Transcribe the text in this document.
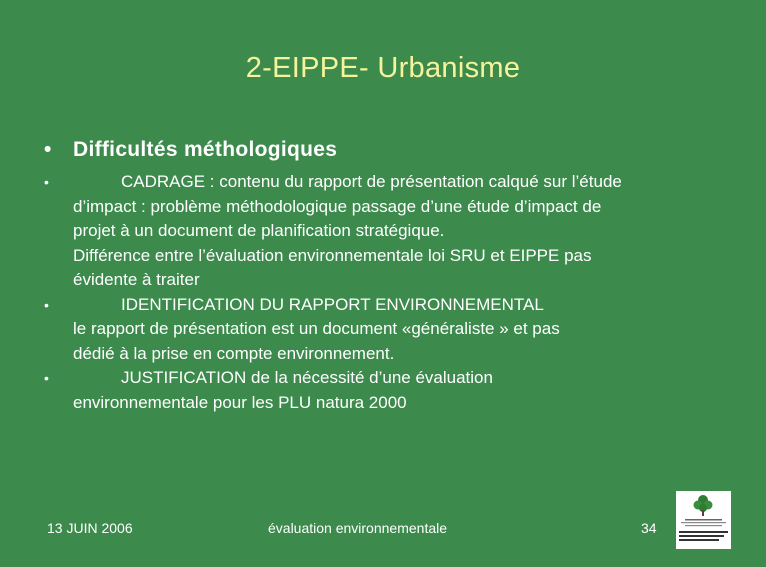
2-EIPPE- Urbanisme
• Difficultés méthologiques
•	CADRAGE : contenu du rapport de présentation calqué sur l’étude
d’impact : problème méthodologique passage d’une étude d’impact de
projet à un document de planification stratégique.
Différence entre l’évaluation environnementale loi SRU et EIPPE pas
évidente à traiter
•	IDENTIFICATION DU RAPPORT ENVIRONNEMENTAL
le rapport de présentation est un document «généraliste » et pas
dédié à la prise en compte environnement.
•	JUSTIFICATION de la nécessité d’une évaluation
environnementale pour les PLU natura 2000
13 JUIN 2006	évaluation environnementale	34
